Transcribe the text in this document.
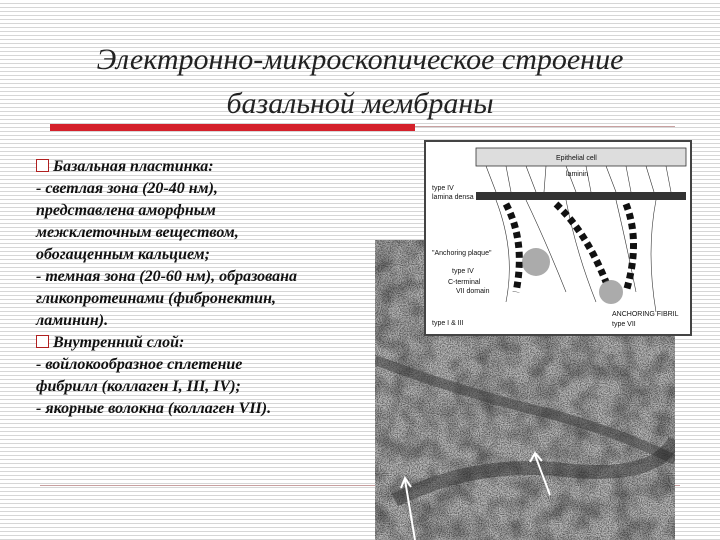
Электронно-микроскопическое строение
базальной мембраны
Epithelial cell
laminin
type IV
lamina densa
"Anchoring plaque"
type IV
C-terminal
VII domain
type I & III
ANCHORING FIBRIL
type VII
Базальная пластинка:
- светлая зона (20-40 нм),
представлена аморфным
межклеточным веществом,
обогащенным кальцием;
- темная зона (20-60 нм), образована
гликопротеинами (фибронектин,
ламинин).
Внутренний слой:
- войлокообразное сплетение
фибрилл (коллаген I, III, IV);
- якорные волокна (коллаген VII).
